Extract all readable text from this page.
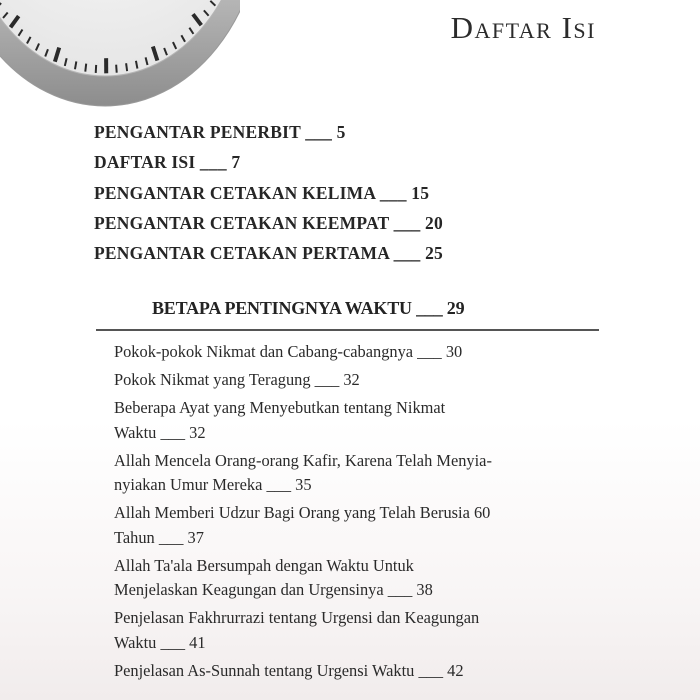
Daftar Isi
PENGANTAR PENERBIT ___ 5
DAFTAR ISI ___ 7
PENGANTAR CETAKAN KELIMA ___ 15
PENGANTAR CETAKAN KEEMPAT ___ 20
PENGANTAR CETAKAN PERTAMA ___ 25
BETAPA PENTINGNYA WAKTU ___ 29
Pokok-pokok Nikmat dan Cabang-cabangnya ___ 30
Pokok Nikmat yang Teragung ___ 32
Beberapa Ayat yang Menyebutkan tentang Nikmat
Waktu ___ 32
Allah Mencela Orang-orang Kafir, Karena Telah Menyia-
nyiakan Umur Mereka ___ 35
Allah Memberi Udzur Bagi Orang yang Telah Berusia 60
Tahun ___ 37
Allah Ta'ala Bersumpah dengan Waktu Untuk
Menjelaskan Keagungan dan Urgensinya ___ 38
Penjelasan Fakhrurrazi tentang Urgensi dan Keagungan
Waktu ___ 41
Penjelasan As-Sunnah tentang Urgensi Waktu ___ 42
